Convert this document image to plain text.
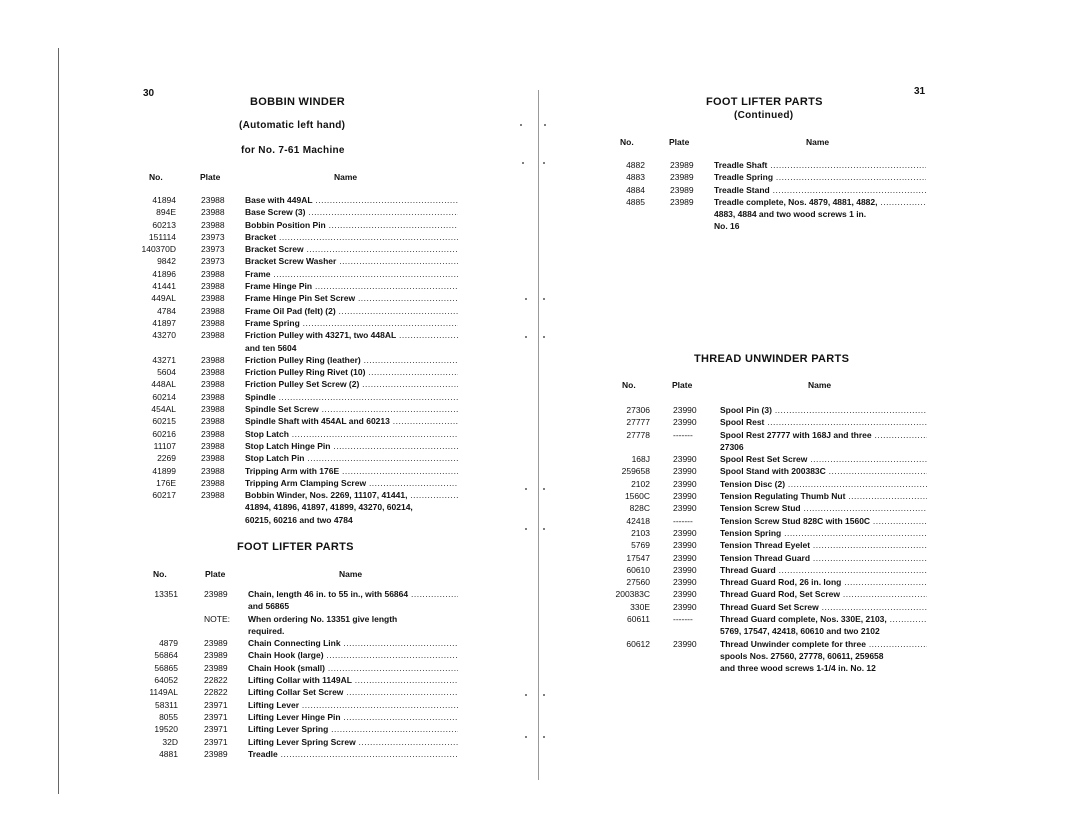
30
BOBBIN WINDER
(Automatic left hand)
for No. 7-61 Machine
No.	Plate	Name
41894	23988 Base with 449AL .....
894E	23988 Base Screw (3) .....
60213	23988 Bobbin Position Pin .....
151114	23973 Bracket .....
140370D	23973 Bracket Screw .....
9842	23973 Bracket Screw Washer .....
41896	23988 Frame .....
41441	23988 Frame Hinge Pin .....
449AL	23988 Frame Hinge Pin Set Screw .....
4784	23988 Frame Oil Pad (felt) (2) .....
41897	23988 Frame Spring .....
43270	23988 Friction Pulley with 43271, two 448AL .....
and ten 5604
43271	23988 Friction Pulley Ring (leather) .....
5604	23988 Friction Pulley Ring Rivet (10) .....
448AL	23988 Friction Pulley Set Screw (2) .....
60214	23988 Spindle .....
454AL	23988 Spindle Set Screw .....
60215	23988 Spindle Shaft with 454AL and 60213 .....
60216	23988 Stop Latch .....
11107	23988 Stop Latch Hinge Pin .....
2269	23988 Stop Latch Pin .....
41899	23988 Tripping Arm with 176E .....
176E	23988 Tripping Arm Clamping Screw .....
60217	23988 Bobbin Winder, Nos. 2269, 11107, 41441, .....
41894, 41896, 41897, 41899, 43270, 60214,
60215, 60216 and two 4784
FOOT LIFTER PARTS
No.	Plate	Name
13351	23989 Chain, length 46 in. to 55 in., with 56864 .....
and 56865
NOTE: When ordering No. 13351 give length
required.
4879	23989 Chain Connecting Link .....
56864	23989 Chain Hook (large) .....
56865	23989 Chain Hook (small) .....
64052	22822 Lifting Collar with 1149AL .....
1149AL	22822 Lifting Collar Set Screw .....
58311	23971 Lifting Lever .....
8055	23971 Lifting Lever Hinge Pin .....
19520	23971 Lifting Lever Spring .....
32D	23971 Lifting Lever Spring Screw .....
4881	23989 Treadle .....
31
FOOT LIFTER PARTS
(Continued)
No.	Plate	Name
4882	23989 Treadle Shaft .....
4883	23989 Treadle Spring .....
4884	23989 Treadle Stand .....
4885	23989 Treadle complete, Nos. 4879, 4881, 4882, .....
4883, 4884 and two wood screws 1 in.
No. 16
THREAD UNWINDER PARTS
No.	Plate	Name
27306	23990	Spool Pin (3) .....
27777	23990	Spool Rest .....
27778	-------	Spool Rest 27777 with 168J and three .....
27306
168J	23990	Spool Rest Set Screw .....
259658	23990	Spool Stand with 200383C .....
2102	23990	Tension Disc (2) .....
1560C	23990	Tension Regulating Thumb Nut .....
828C	23990	Tension Screw Stud .....
42418	-------	Tension Screw Stud 828C with 1560C .....
2103	23990	Tension Spring .....
5769	23990	Tension Thread Eyelet .....
17547	23990	Tension Thread Guard .....
60610	23990	Thread Guard .....
27560	23990	Thread Guard Rod, 26 in. long .....
200383C	23990	Thread Guard Rod, Set Screw .....
330E	23990	Thread Guard Set Screw .....
60611	-------	Thread Guard complete, Nos. 330E, 2103, .....
5769, 17547, 42418, 60610 and two 2102
60612	23990	Thread Unwinder complete for three .....
spools Nos. 27560, 27778, 60611, 259658
and three wood screws 1-1/4 in. No. 12
